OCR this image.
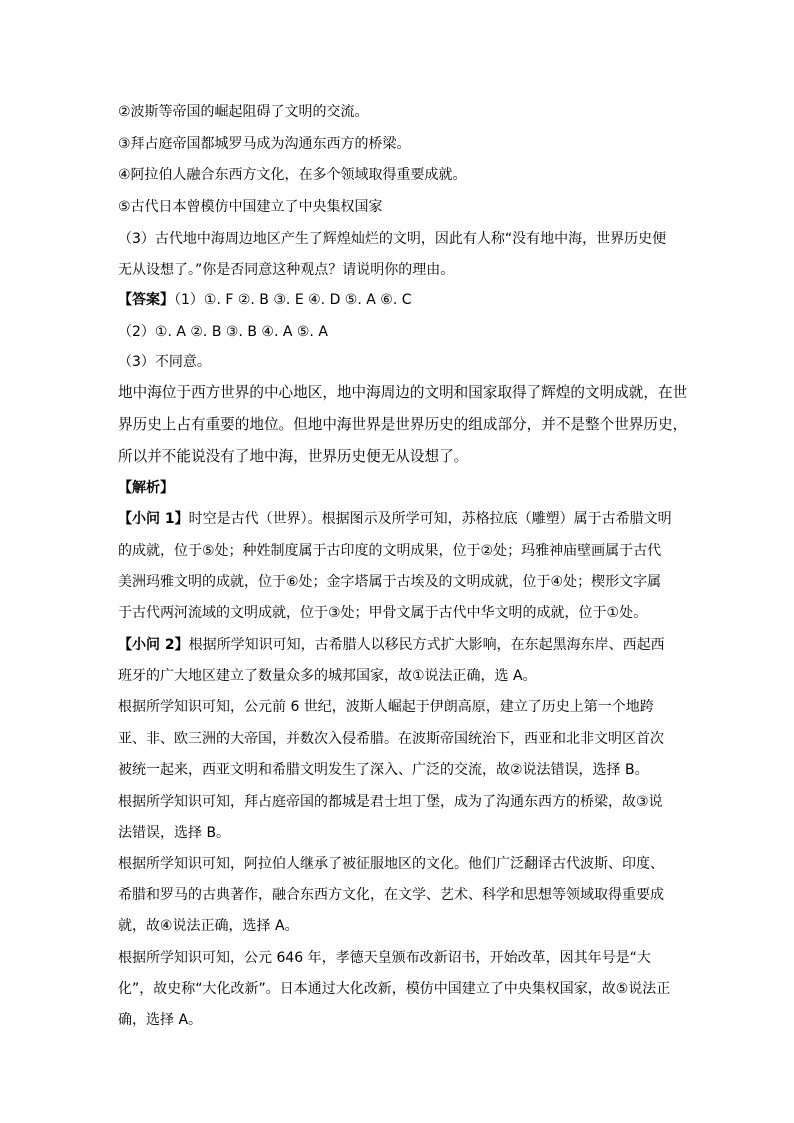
②波斯等帝国的崛起阻碍了文明的交流。
③拜占庭帝国都城罗马成为沟通东西方的桥梁。
④阿拉伯人融合东西方文化，在多个领域取得重要成就。
⑤古代日本曾模仿中国建立了中央集权国家
（3）古代地中海周边地区产生了辉煌灿烂的文明，因此有人称“没有地中海，世界历史便
无从设想了。”你是否同意这种观点？请说明你的理由。
【答案】（1）①. F ②. B ③. E ④. D ⑤. A ⑥. C
（2）①. A ②. B ③. B ④. A ⑤. A
（3）不同意。
地中海位于西方世界的中心地区，地中海周边的文明和国家取得了辉煌的文明成就，在世
界历史上占有重要的地位。但地中海世界是世界历史的组成部分，并不是整个世界历史，
所以并不能说没有了地中海，世界历史便无从设想了。
【解析】
【小问 1】时空是古代（世界）。根据图示及所学可知，苏格拉底（雕塑）属于古希腊文明
的成就，位于⑤处；种姓制度属于古印度的文明成果，位于②处；玛雅神庙壁画属于古代
美洲玛雅文明的成就，位于⑥处；金字塔属于古埃及的文明成就，位于④处；楔形文字属
于古代两河流域的文明成就，位于③处；甲骨文属于古代中华文明的成就，位于①处。
【小问 2】根据所学知识可知，古希腊人以移民方式扩大影响，在东起黑海东岸、西起西
班牙的广大地区建立了数量众多的城邦国家，故①说法正确，选 A。
根据所学知识可知，公元前 6 世纪，波斯人崛起于伊朗高原，建立了历史上第一个地跨
亚、非、欧三洲的大帝国，并数次入侵希腊。在波斯帝国统治下，西亚和北非文明区首次
被统一起来，西亚文明和希腊文明发生了深入、广泛的交流，故②说法错误，选择 B。
根据所学知识可知，拜占庭帝国的都城是君士坦丁堡，成为了沟通东西方的桥梁，故③说
法错误，选择 B。
根据所学知识可知，阿拉伯人继承了被征服地区的文化。他们广泛翻译古代波斯、印度、
希腊和罗马的古典著作，融合东西方文化，在文学、艺术、科学和思想等领域取得重要成
就，故④说法正确，选择 A。
根据所学知识可知，公元 646 年，孝德天皇颁布改新诏书，开始改革，因其年号是“大
化”，故史称“大化改新”。日本通过大化改新，模仿中国建立了中央集权国家，故⑤说法正
确，选择 A。
